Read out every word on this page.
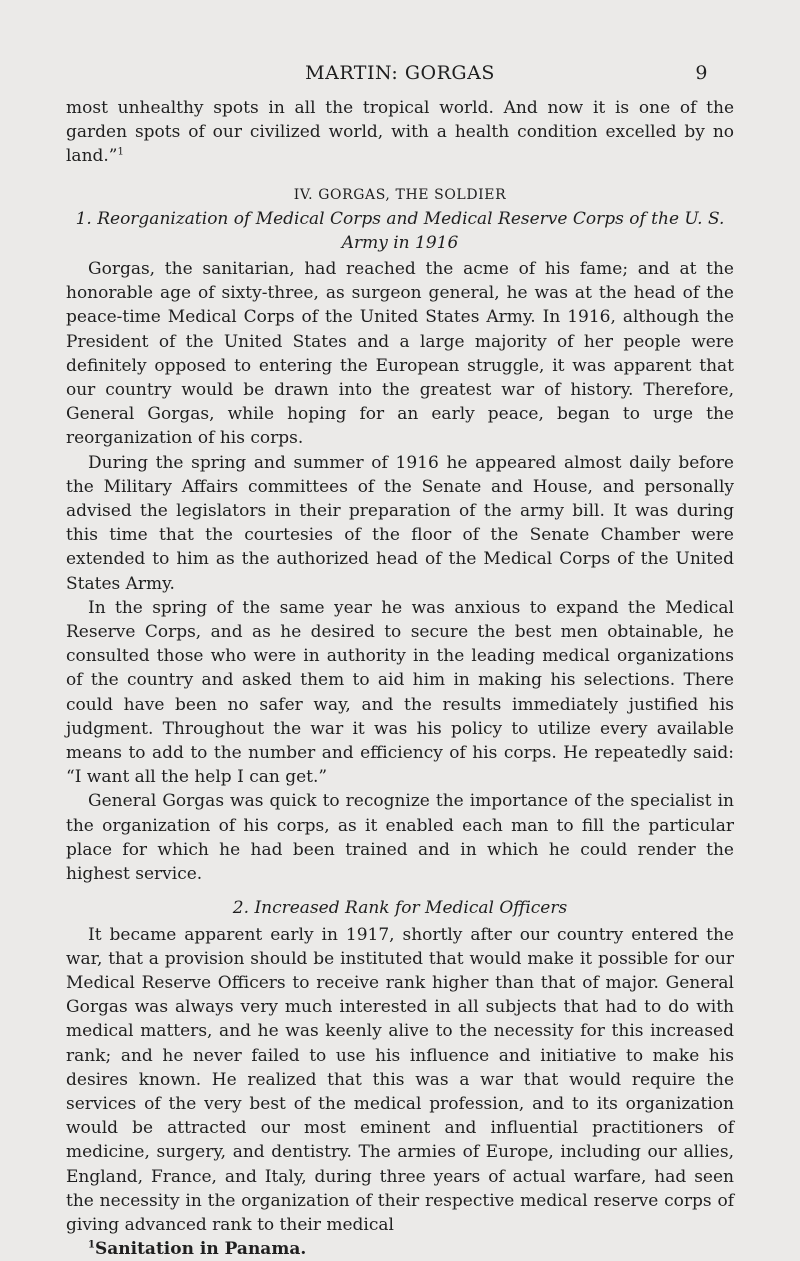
MARTIN: GORGAS	9

most unhealthy spots in all the tropical world. And now it is one of the garden spots of our civilized world, with a health condition excelled by no land.”$^1$

IV. GORGAS, THE SOLDIER
1. Reorganization of Medical Corps and Medical Reserve Corps of the U. S. Army in 1916

Gorgas, the sanitarian, had reached the acme of his fame; and at the honorable age of sixty-three, as surgeon general, he was at the head of the peace-time Medical Corps of the United States Army. In 1916, although the President of the United States and a large majority of her people were definitely opposed to entering the European struggle, it was apparent that our country would be drawn into the greatest war of history. Therefore, General Gorgas, while hoping for an early peace, began to urge the reorganization of his corps.

During the spring and summer of 1916 he appeared almost daily before the Military Affairs committees of the Senate and House, and personally advised the legislators in their preparation of the army bill. It was during this time that the courtesies of the floor of the Senate Chamber were extended to him as the authorized head of the Medical Corps of the United States Army.

In the spring of the same year he was anxious to expand the Medical Reserve Corps, and as he desired to secure the best men obtainable, he consulted those who were in authority in the leading medical organizations of the country and asked them to aid him in making his selections. There could have been no safer way, and the results immediately justified his judgment. Throughout the war it was his policy to utilize every available means to add to the number and efficiency of his corps. He repeatedly said: “I want all the help I can get.”

General Gorgas was quick to recognize the importance of the specialist in the organization of his corps, as it enabled each man to fill the particular place for which he had been trained and in which he could render the highest service.

2. Increased Rank for Medical Officers

It became apparent early in 1917, shortly after our country entered the war, that a provision should be instituted that would make it possible for our Medical Reserve Officers to receive rank higher than that of major. General Gorgas was always very much interested in all subjects that had to do with medical matters, and he was keenly alive to the necessity for this increased rank; and he never failed to use his influence and initiative to make his desires known. He realized that this was a war that would require the services of the very best of the medical profession, and to its organization would be attracted our most eminent and influential practitioners of medicine, surgery, and dentistry. The armies of Europe, including our allies, England, France, and Italy, during three years of actual warfare, had seen the necessity in the organization of their respective medical reserve corps of giving advanced rank to their medical

$^1$Sanitation in Panama.
